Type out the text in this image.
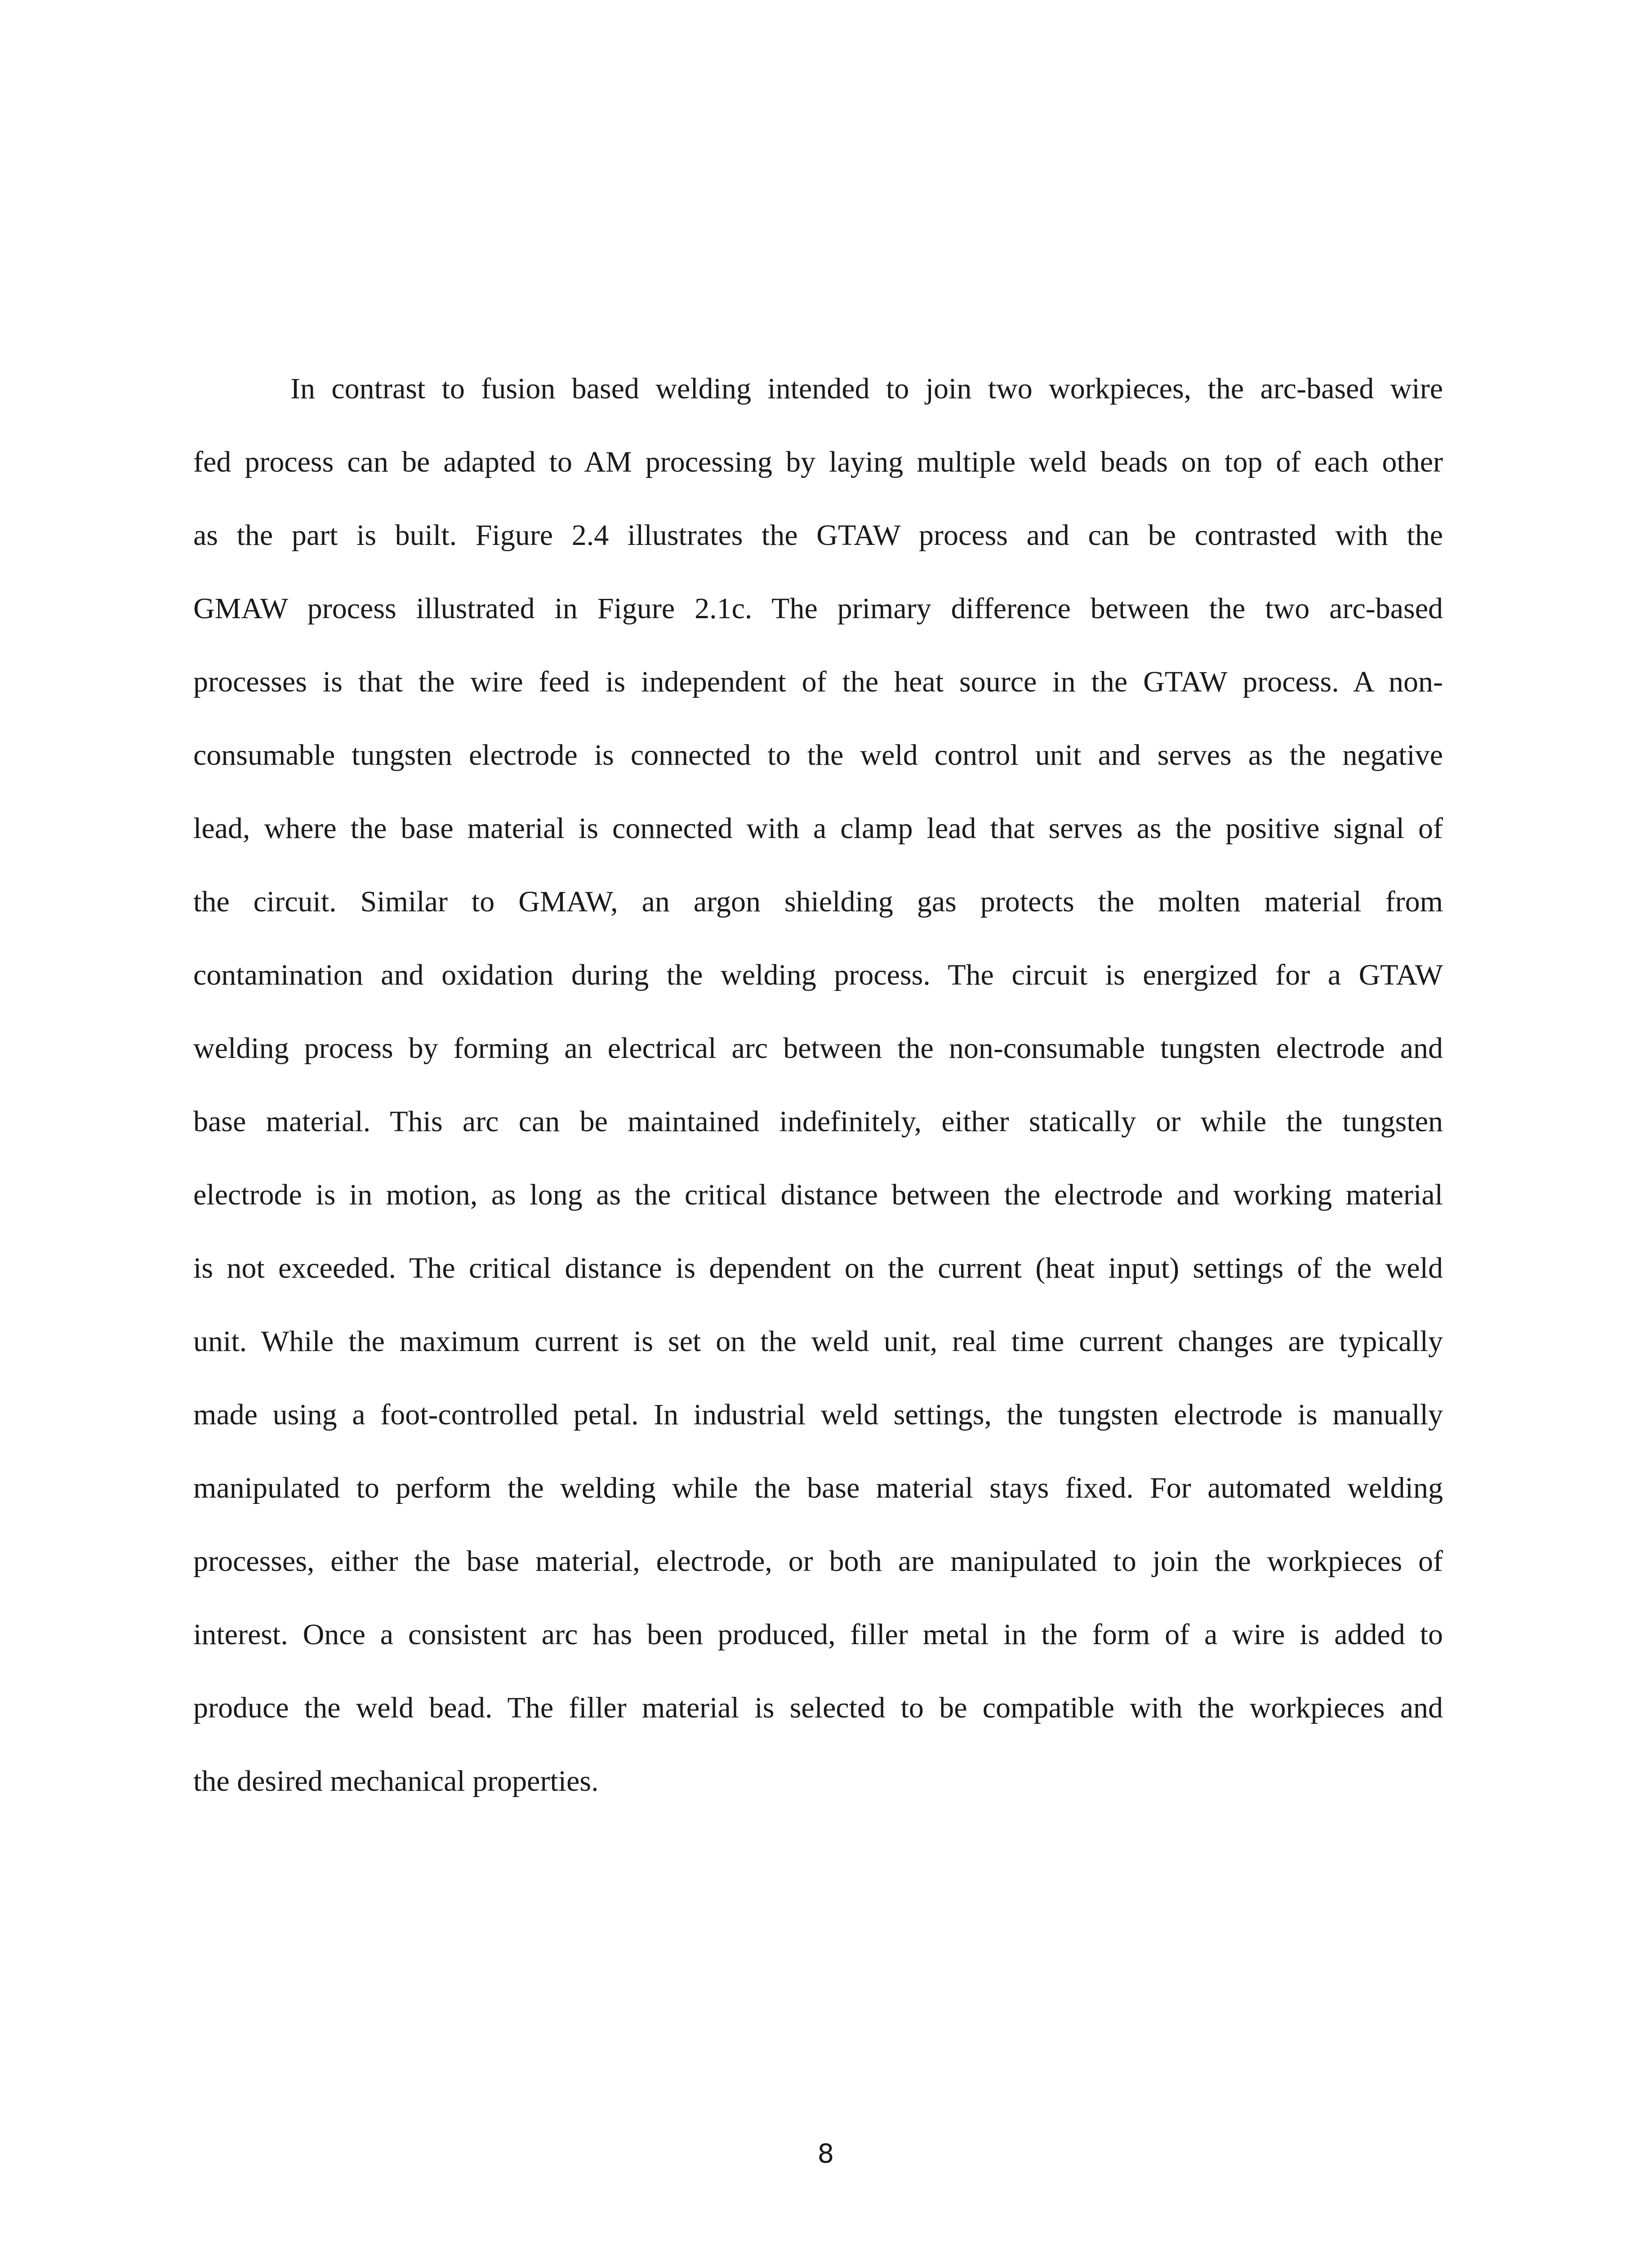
In contrast to fusion based welding intended to join two workpieces, the arc-based wire
fed process can be adapted to AM processing by laying multiple weld beads on top of each other
as the part is built. Figure 2.4 illustrates the GTAW process and can be contrasted with the
GMAW process illustrated in Figure 2.1c. The primary difference between the two arc-based
processes is that the wire feed is independent of the heat source in the GTAW process. A non-
consumable tungsten electrode is connected to the weld control unit and serves as the negative
lead, where the base material is connected with a clamp lead that serves as the positive signal of
the circuit. Similar to GMAW, an argon shielding gas protects the molten material from
contamination and oxidation during the welding process. The circuit is energized for a GTAW
welding process by forming an electrical arc between the non-consumable tungsten electrode and
base material. This arc can be maintained indefinitely, either statically or while the tungsten
electrode is in motion, as long as the critical distance between the electrode and working material
is not exceeded. The critical distance is dependent on the current (heat input) settings of the weld
unit. While the maximum current is set on the weld unit, real time current changes are typically
made using a foot-controlled petal. In industrial weld settings, the tungsten electrode is manually
manipulated to perform the welding while the base material stays fixed. For automated welding
processes, either the base material, electrode, or both are manipulated to join the workpieces of
interest. Once a consistent arc has been produced, filler metal in the form of a wire is added to
produce the weld bead. The filler material is selected to be compatible with the workpieces and
the desired mechanical properties.
8
